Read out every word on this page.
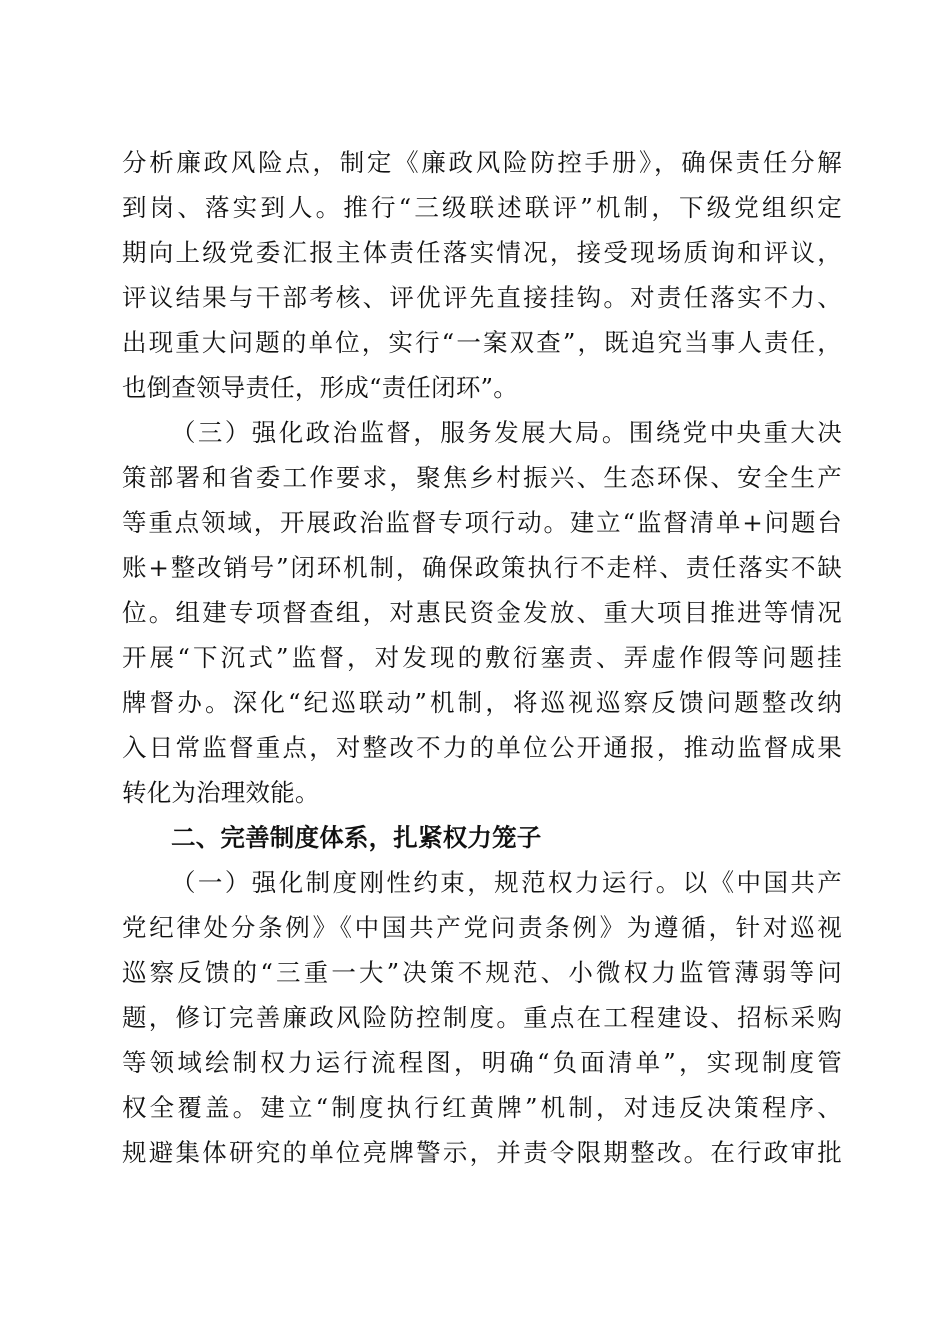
分析廉政风险点，制定《廉政风险防控手册》，确保责任分解
到岗、落实到人。推行“三级联述联评”机制，下级党组织定
期向上级党委汇报主体责任落实情况，接受现场质询和评议，
评议结果与干部考核、评优评先直接挂钩。对责任落实不力、
出现重大问题的单位，实行“一案双查”，既追究当事人责任，
也倒查领导责任，形成“责任闭环”。
（三）强化政治监督，服务发展大局。围绕党中央重大决
策部署和省委工作要求，聚焦乡村振兴、生态环保、安全生产
等重点领域，开展政治监督专项行动。建立“监督清单+问题台
账+整改销号”闭环机制，确保政策执行不走样、责任落实不缺
位。组建专项督查组，对惠民资金发放、重大项目推进等情况
开展“下沉式”监督，对发现的敷衍塞责、弄虚作假等问题挂
牌督办。深化“纪巡联动”机制，将巡视巡察反馈问题整改纳
入日常监督重点，对整改不力的单位公开通报，推动监督成果
转化为治理效能。
二、完善制度体系，扎紧权力笼子
（一）强化制度刚性约束，规范权力运行。以《中国共产
党纪律处分条例》《中国共产党问责条例》为遵循，针对巡视
巡察反馈的“三重一大”决策不规范、小微权力监管薄弱等问
题，修订完善廉政风险防控制度。重点在工程建设、招标采购
等领域绘制权力运行流程图，明确“负面清单”，实现制度管
权全覆盖。建立“制度执行红黄牌”机制，对违反决策程序、
规避集体研究的单位亮牌警示，并责令限期整改。在行政审批
